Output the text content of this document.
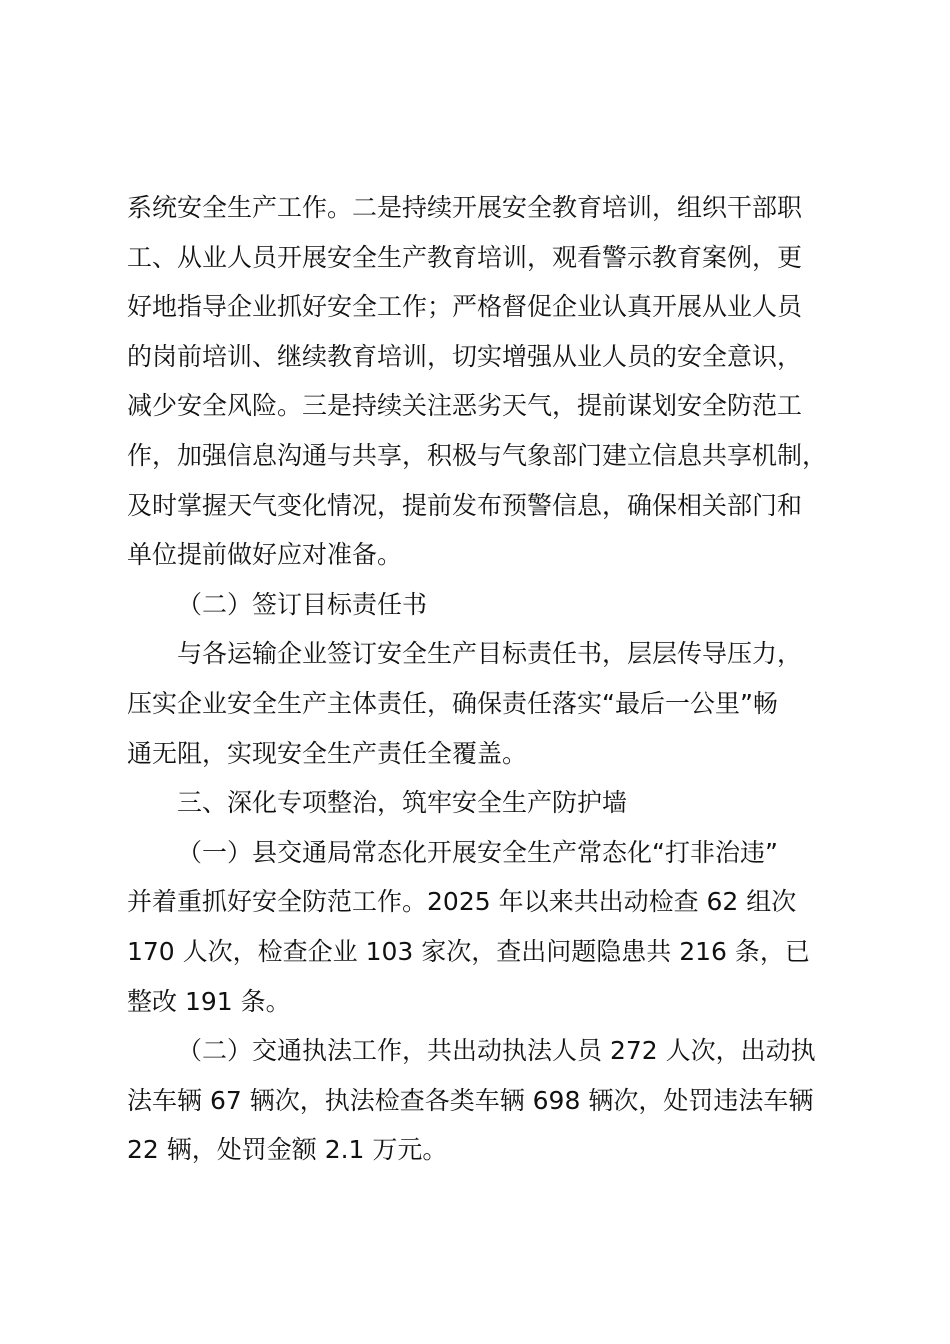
系统安全生产工作。二是持续开展安全教育培训，组织干部职
工、从业人员开展安全生产教育培训，观看警示教育案例，更
好地指导企业抓好安全工作；严格督促企业认真开展从业人员
的岗前培训、继续教育培训，切实增强从业人员的安全意识，
减少安全风险。三是持续关注恶劣天气，提前谋划安全防范工
作，加强信息沟通与共享，积极与气象部门建立信息共享机制，
及时掌握天气变化情况，提前发布预警信息，确保相关部门和
单位提前做好应对准备。

（二）签订目标责任书

与各运输企业签订安全生产目标责任书，层层传导压力，
压实企业安全生产主体责任，确保责任落实“最后一公里”畅
通无阻，实现安全生产责任全覆盖。

三、深化专项整治，筑牢安全生产防护墙

（一）县交通局常态化开展安全生产常态化“打非治违”
并着重抓好安全防范工作。2025 年以来共出动检查 62 组次
170 人次，检查企业 103 家次，查出问题隐患共 216 条，已
整改 191 条。

（二）交通执法工作，共出动执法人员 272 人次，出动执
法车辆 67 辆次，执法检查各类车辆 698 辆次，处罚违法车辆
22 辆，处罚金额 2.1 万元。
